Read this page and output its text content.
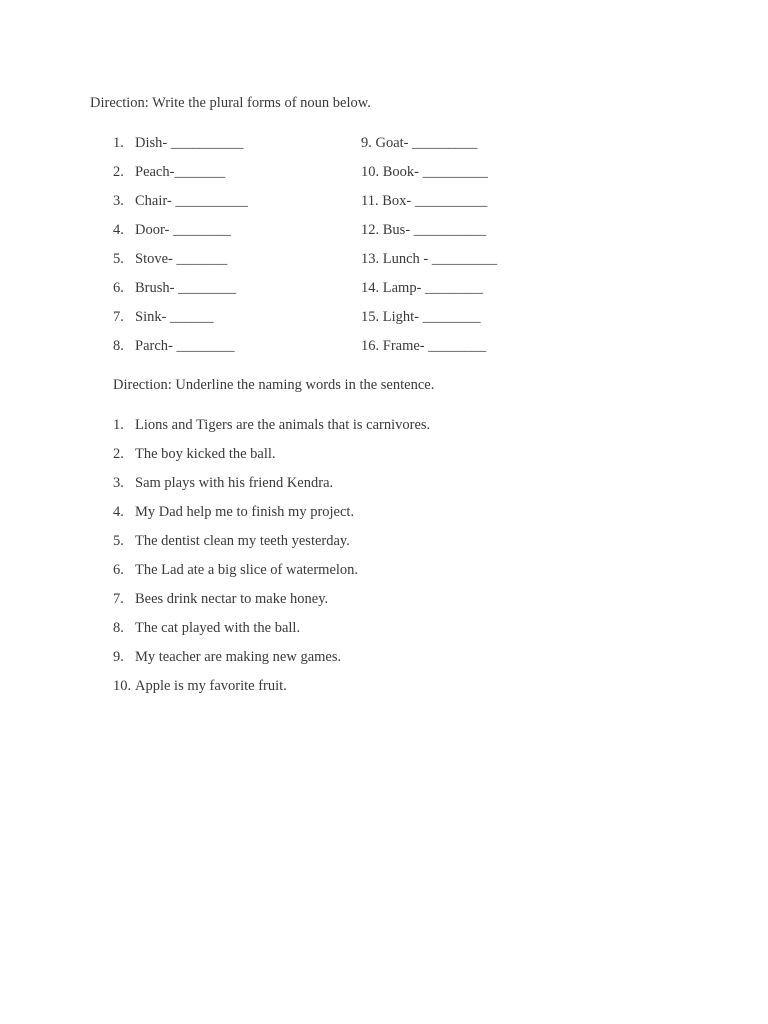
Direction: Write the plural forms of noun below.
1. Dish- __________
2. Peach-_______
3. Chair- __________
4. Door- ________
5. Stove- _______
6. Brush- ________
7. Sink- ______
8. Parch- ________
9. Goat- _________
10. Book- _________
11. Box- __________
12. Bus- __________
13. Lunch - _________
14. Lamp- ________
15. Light- ________
16. Frame- ________
Direction: Underline the naming words in the sentence.
1. Lions and Tigers are the animals that is carnivores.
2. The boy kicked the ball.
3. Sam plays with his friend Kendra.
4. My Dad help me to finish my project.
5. The dentist clean my teeth yesterday.
6. The Lad ate a big slice of watermelon.
7. Bees drink nectar to make honey.
8. The cat played with the ball.
9. My teacher are making new games.
10. Apple is my favorite fruit.
